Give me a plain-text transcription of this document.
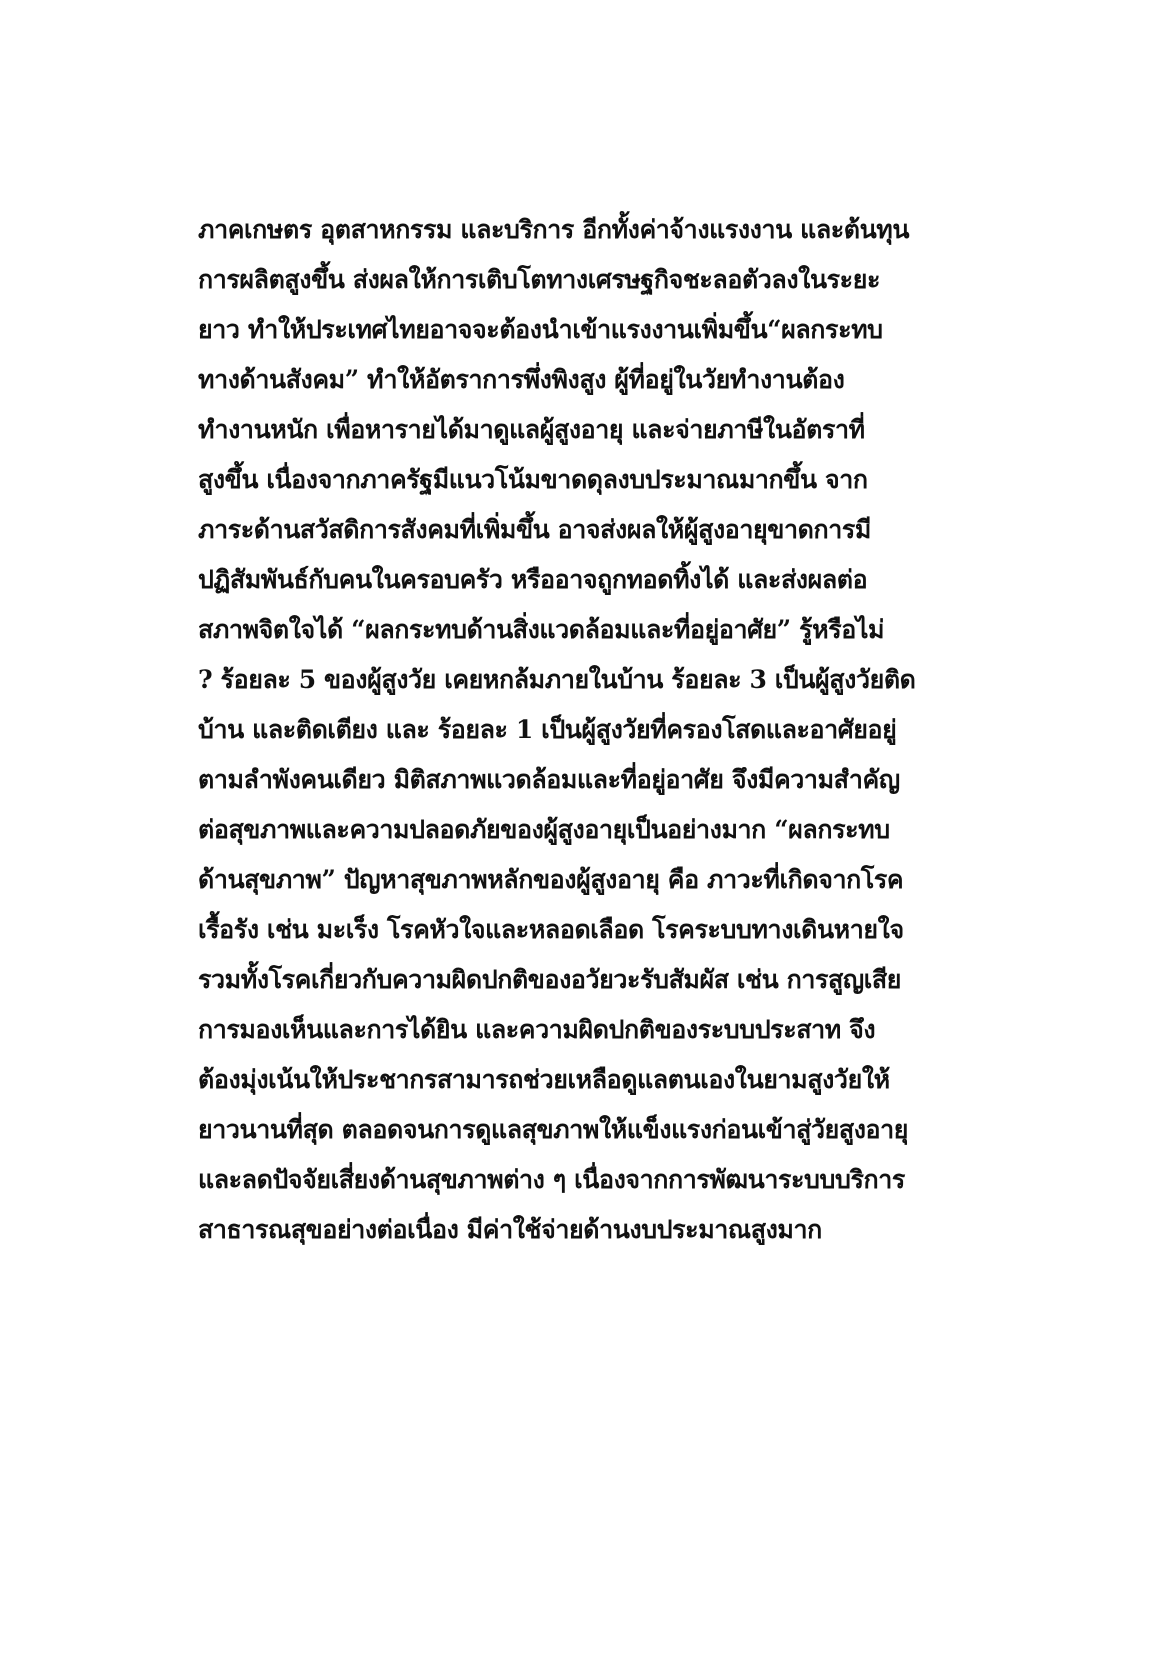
ภาคเกษตร อุตสาหกรรม และบริการ อีกทั้งค่าจ้างแรงงาน และต้นทุน
การผลิตสูงขึ้น ส่งผลให้การเติบโตทางเศรษฐกิจชะลอตัวลงในระยะ
ยาว ทำให้ประเทศไทยอาจจะต้องนำเข้าแรงงานเพิ่มขึ้น“ผลกระทบ
ทางด้านสังคม” ทำให้อัตราการพึ่งพิงสูง ผู้ที่อยู่ในวัยทำงานต้อง
ทำงานหนัก เพื่อหารายได้มาดูแลผู้สูงอายุ และจ่ายภาษีในอัตราที่
สูงขึ้น เนื่องจากภาครัฐมีแนวโน้มขาดดุลงบประมาณมากขึ้น จาก
ภาระด้านสวัสดิการสังคมที่เพิ่มขึ้น อาจส่งผลให้ผู้สูงอายุขาดการมี
ปฏิสัมพันธ์กับคนในครอบครัว หรืออาจถูกทอดทิ้งได้ และส่งผลต่อ
สภาพจิตใจได้ “ผลกระทบด้านสิ่งแวดล้อมและที่อยู่อาศัย” รู้หรือไม่
? ร้อยละ 5 ของผู้สูงวัย เคยหกล้มภายในบ้าน ร้อยละ 3 เป็นผู้สูงวัยติด
บ้าน และติดเตียง และ ร้อยละ 1 เป็นผู้สูงวัยที่ครองโสดและอาศัยอยู่
ตามลำพังคนเดียว มิติสภาพแวดล้อมและที่อยู่อาศัย จึงมีความสำคัญ
ต่อสุขภาพและความปลอดภัยของผู้สูงอายุเป็นอย่างมาก “ผลกระทบ
ด้านสุขภาพ” ปัญหาสุขภาพหลักของผู้สูงอายุ คือ ภาวะที่เกิดจากโรค
เรื้อรัง เช่น มะเร็ง โรคหัวใจและหลอดเลือด โรคระบบทางเดินหายใจ
รวมทั้งโรคเกี่ยวกับความผิดปกติของอวัยวะรับสัมผัส เช่น การสูญเสีย
การมองเห็นและการได้ยิน และความผิดปกติของระบบประสาท จึง
ต้องมุ่งเน้นให้ประชากรสามารถช่วยเหลือดูแลตนเองในยามสูงวัยให้
ยาวนานที่สุด ตลอดจนการดูแลสุขภาพให้แข็งแรงก่อนเข้าสู่วัยสูงอายุ
และลดปัจจัยเสี่ยงด้านสุขภาพต่าง ๆ เนื่องจากการพัฒนาระบบบริการ
สาธารณสุขอย่างต่อเนื่อง มีค่าใช้จ่ายด้านงบประมาณสูงมาก
